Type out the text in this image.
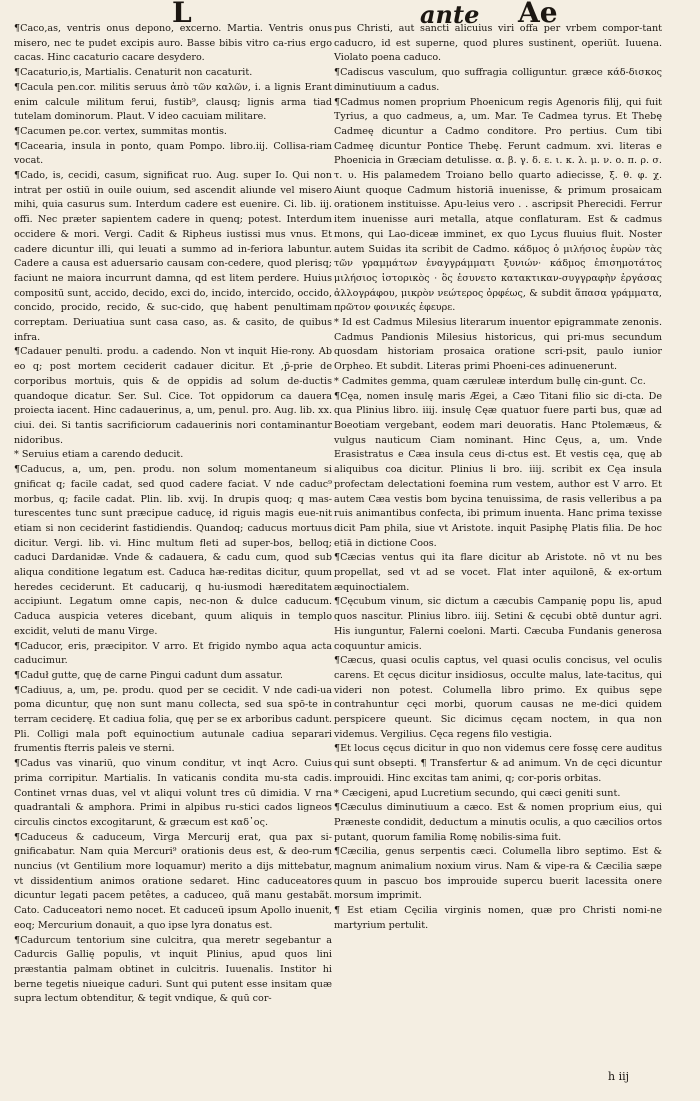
L	ante Ae

¶Caco,as, ventris onus depono, excerno. Martia. Ventris onus misero, nec te pudet excipis auro. Basse bibis vitro ca-rius ergo cacas. Hinc cacaturio cacare desydero.

¶Cacaturio,is, Martialis. Cenaturit non cacaturit.

¶Cacula pen.cor. militis seruus ἀπὸ τῶν καλῶν, i. a lignis Erant enim calcule militum ferui, fustib⁹, clausq; lignis arma tiad tutelam dominorum. Plaut. V ideo cacuiam militare.

¶Cacumen pe.cor. vertex, summitas montis.

¶Cacearia, insula in ponto, quam Pompo. libro.iij. Collisa-riam vocat.

¶Cado, is, cecidi, casum, significat ruo. Aug. super Io. Qui non intrat per ostiū in ouile ouium, sed ascendit aliunde vel misero mihi, quia casurus sum. Interdum cadere est euenire. Ci. lib. iij. offi. Nec præter sapientem cadere in quenq; potest. Interdum occidere & mori. Vergi. Cadit & Ripheus iustissi mus vnus. Et cadere dicuntur illi, qui leuati a summo ad in-feriora labuntur. Cadere a causa est aduersario causam con-cedere, quod plerisq; faciunt ne maiora incurrunt damna, qd est litem perdere. Huius compositū sunt, accido, decido, exci do, incido, intercido, occido, concido, procido, recido, & suc-cido, quę habent penultimam correptam. Deriuatiua sunt casa caso, as. & casito, de quibus infra.

¶Cadauer penulti. produ. a cadendo. Non vt inquit Hie-rony. Ab eo q; post mortem ceciderit cadauer dicitur. Et ,p̄-prie de corporibus mortuis, quis & de oppidis ad solum de-ductis quandoque dicatur. Ser. Sul. Cice. Tot oppidorum ca dauera proiecta iacent. Hinc cadauerinus, a, um, penul. pro. Aug. lib. xx. ciui. dei. Si tantis sacrificiorum cadauerinis nori contaminantur nidoribus.

* Seruius etiam a carendo deducit.

¶Caducus, a, um, pen. produ. non solum momentaneum si gnificat q; facile cadat, sed quod cadere faciat. V nde caduc⁹ morbus, q; facile cadat. Plin. lib. xvij. In drupis quoq; q mas-turescentes tunc sunt præcipue caducę, id riguis magis eue-nit etiam si non ceciderint fastidiendis. Quandoq; caducus mortuus dicitur. Vergi. lib. vi. Hinc multum fleti ad super-bos, belloq; caduci Dardanidæ. Vnde & cadauera, & cadu cum, quod sub aliqua conditione legatum est. Caduca hæ-reditas dicitur, quum heredes ceciderunt. Et caducarij, q hu-iusmodi hæreditatem accipiunt. Legatum omne capis, nec-non & dulce caducum. Caduca auspicia veteres dicebant, quum aliquis in templo excidit, veluti de manu Virge.

¶Caducor, eris, præcipitor. V arro. Et frigido nymbo aqua acta caducimur.

¶Caduł gutte, quę de carne Pingui cadunt dum assatur.

¶Cadiuus, a, um, pe. produ. quod per se cecidit. V nde cadi-ua poma dicuntur, quę non sunt manu collecta, sed sua spō-te in terram ceciderę. Et cadiua folia, quę per se ex arboribus cadunt. Pli. Colligi mala poft equinoctium autunale cadiua separari frumentis fterris paleis ve sterni.

¶Cadus vas vinariū, quo vinum conditur, vt inqt Acro. Cuius prima corripitur. Martialis. In vaticanis condita mu-sta cadis. Continet vrnas duas, vel vt aliqui volunt tres cū dimidia. V rna quadrantali & amphora. Primi in alpibus ru-stici cados ligneos circulis cinctos excogitarunt, & græcum est καδ᾽ος.

¶Caduceus & caduceum, Virga Mercurij erat, qua pax si-gnificabatur. Nam quia Mercuri⁹ orationis deus est, & deo-rum nuncius (vt Gentilium more loquamur) merito a dijs mittebatur, vt dissidentium animos oratione sedaret. Hinc caduceatores dicuntur legati pacem petêtes, a caduceo, quã manu gestabãt. Cato. Caduceatori nemo nocet. Et caduceū ipsum Apollo inuenit, eoq; Mercurium donauit, a quo ipse lyra donatus est.

¶Cadurcum tentorium sine culcitra, qua meretr segebantur a Cadurcis Gallię populis, vt inquit Plinius, apud quos lini præstantia palmam obtinet in culcitris. Iuuenalis. Institor hi berne tegetis niueique caduri. Sunt qui putent esse insitam quæ supra lectum obtenditur, & tegit vndique, & quū cor-

pus Christi, aut sancti alicuius viri offa per vrbem compor-tant caducro, id est superne, quod plures sustinent, operiūt. Iuuena. Violato poena caduco.

¶Cadiscus vasculum, quo suffragia colliguntur. græce κάδ-δισκος diminutiuum a cadus.

¶Cadmus nomen proprium Phoenicum regis Agenoris filij, qui fuit Tyrius, a quo cadmeus, a, um. Mar. Te Cadmea tyrus. Et Thebę Cadmeę dicuntur a Cadmo conditore. Pro pertius. Cum tibi Cadmeę dicuntur Pontice Thebę. Ferunt cadmum. xvi. literas e Phoenicia in Græciam detulisse. α. β. γ. δ. ε. ι. κ. λ. μ. ν. ο. π. ρ. σ. τ. υ. His palamedem Troiano bello quarto adiecisse, ξ. θ. φ. χ. Aiunt quoque Cadmum historiā inuenisse, & primum prosaicam orationem instituisse. Apu-leius vero . . ascripsit Pherecidi. Ferrur item inuenisse auri metalla, atque conflaturam. Est & cadmus mons, qui Lao-diceæ imminet, ex quo Lycus fluuius fluit. Noster autem Suidas ita scribit de Cadmo. κάδμος ὁ μιλήσιος ἐυρὼν τὰς τῶν γραμμάτων ἐναγγράμματι ξυνιών· κάδμος ἐπισημοτάτος μιλήσιος ἱστορικὸς · ὃς ἐσυνετο κατακτικαν-συγγραφὴν ἐργάσας ἀλλογράφου, μικρὸν νεώτερος ὀρφέως, & subdit ἅπασα γράμματα, πρῶτον φοινικές ἐφευρε.

* Id est Cadmus Milesius literarum inuentor epigrammate zenonis. Cadmus Pandionis Milesius historicus, qui pri-mus secundum quosdam historiam prosaica oratione scri-psit, paulo iunior Orpheo. Et subdit. Literas primi Phoeni-ces adinuenerunt.

* Cadmites gemma, quam cæruleæ interdum bullę cin-gunt. Cc.

¶Cęa, nomen insulę maris Ægei, a Cæo Titani filio sic di-cta. De qua Plinius libro. iiij. insulę Cęæ quatuor fuere parti bus, quæ ad Boeotiam vergebant, eodem mari deuoratis. Hanc Ptolemæus, & vulgus nauticum Ciam nominant. Hinc Cęus, a, um. Vnde Erasistratus e Cæa insula ceus di-ctus est. Et vestis cęa, quę ab aliquibus coa dicitur. Plinius li bro. iiij. scribit ex Cęa insula profectam delectationi foemina rum vestem, author est V arro. Et autem Cæa vestis bom bycina tenuissima, de rasis velleribus a pa ruis animantibus confecta, ibi primum inuenta. Hanc prima texisse dicit Pam phila, siue vt Aristote. inquit Pasiphę Platis filia. De hoc etiā in dictione Coos.

¶Cæcias ventus qui ita flare dicitur ab Aristote. nō vt nu bes propellat, sed vt ad se vocet. Flat inter aquilonē, & ex-ortum æquinoctialem.

¶Cęcubum vinum, sic dictum a cæcubis Campanię popu lis, apud quos nascitur. Plinius libro. iiij. Setini & cęcubi obtē duntur agri. His iunguntur, Falerni coeloni. Marti. Cæcuba Fundanis generosa coquuntur amicis.

¶Cæcus, quasi oculis captus, vel quasi oculis concisus, vel oculis carens. Et cęcus dicitur insidiosus, occulte malus, late-tacitus, qui videri non potest. Columella libro primo. Ex quibus sępe contrahuntur cęci morbi, quorum causas ne me-dici quidem perspicere queunt. Sic dicimus cęcam noctem, in qua non videmus. Vergilius. Cęca regens filo vestigia.

¶Et locus cęcus dicitur in quo non videmus cere fossę cere auditus qui sunt obsepti. ¶ Transfertur & ad animum. Vn de cęci dicuntur improuidi. Hinc excitas tam animi, q; cor-poris orbitas.

* Cæcigeni, apud Lucretium secundo, qui cæci geniti sunt.

¶Cæculus diminutiuum a cæco. Est & nomen proprium eius, qui Præneste condidit, deductum a minutis oculis, a quo cæcilios ortos putant, quorum familia Romę nobilis-sima fuit.

¶Cæcilia, genus serpentis cæci. Columella libro septimo. Est & magnum animalium noxium virus. Nam & vipe-ra & Cæcilia sæpe quum in pascuo bos improuide supercu buerit lacessita onere morsum imprimit.

¶ Est etiam Cęcilia virginis nomen, quæ pro Christi nomi-ne martyrium pertulit.

h iij
